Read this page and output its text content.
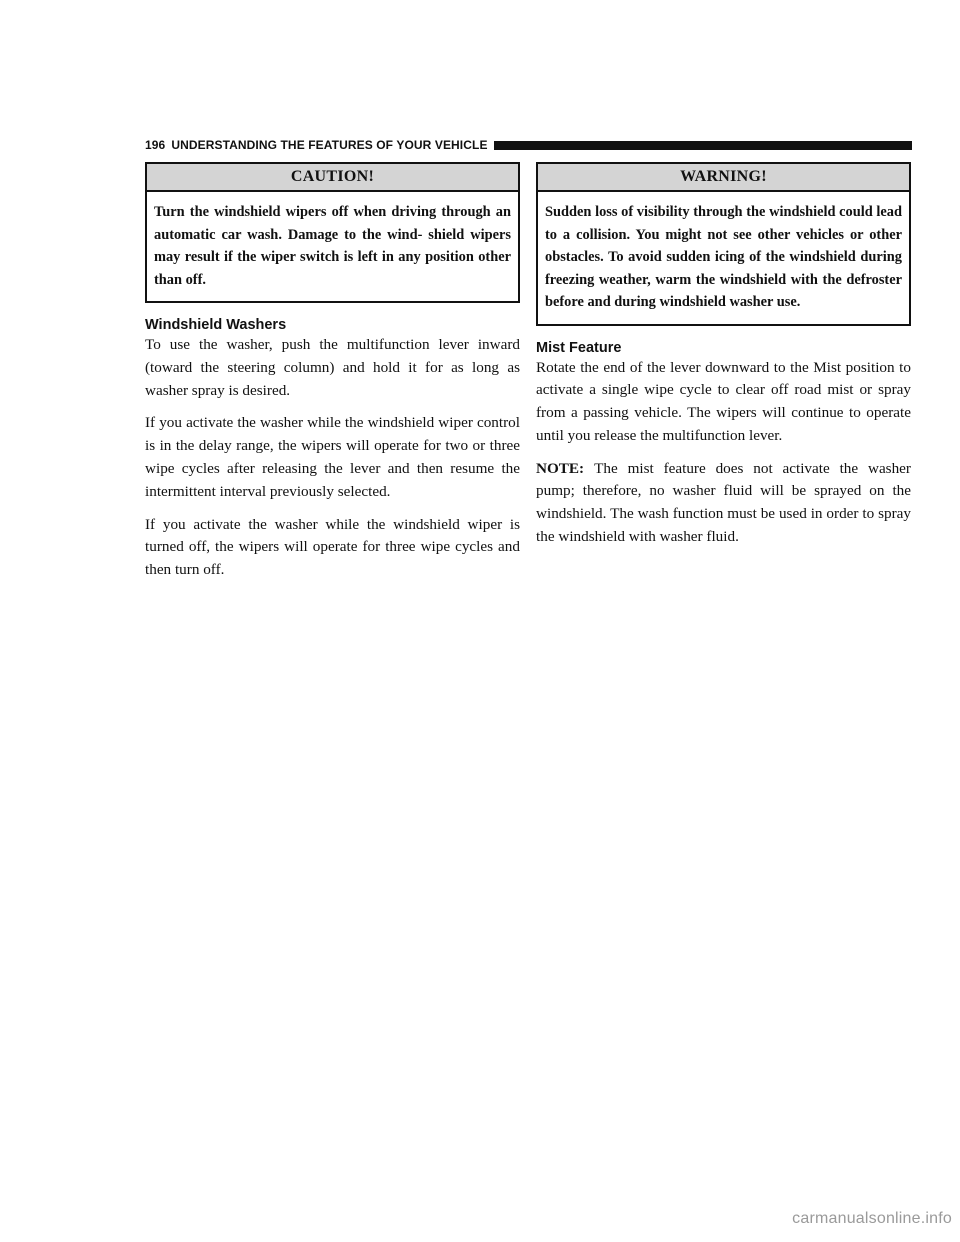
196 UNDERSTANDING THE FEATURES OF YOUR VEHICLE
CAUTION!
Turn the windshield wipers off when driving through an automatic car wash. Damage to the wind- shield wipers may result if the wiper switch is left in any position other than off.
Windshield Washers

To use the washer, push the multifunction lever inward (toward the steering column) and hold it for as long as washer spray is desired.

If you activate the washer while the windshield wiper control is in the delay range, the wipers will operate for two or three wipe cycles after releasing the lever and then resume the intermittent interval previously selected.

If you activate the washer while the windshield wiper is turned off, the wipers will operate for three wipe cycles and then turn off.

WARNING!
Sudden loss of visibility through the windshield could lead to a collision. You might not see other vehicles or other obstacles. To avoid sudden icing of the windshield during freezing weather, warm the windshield with the defroster before and during windshield washer use.
Mist Feature

Rotate the end of the lever downward to the Mist position to activate a single wipe cycle to clear off road mist or spray from a passing vehicle. The wipers will continue to operate until you release the multifunction lever.

NOTE: The mist feature does not activate the washer pump; therefore, no washer fluid will be sprayed on the windshield. The wash function must be used in order to spray the windshield with washer fluid.

carmanualsonline.info
